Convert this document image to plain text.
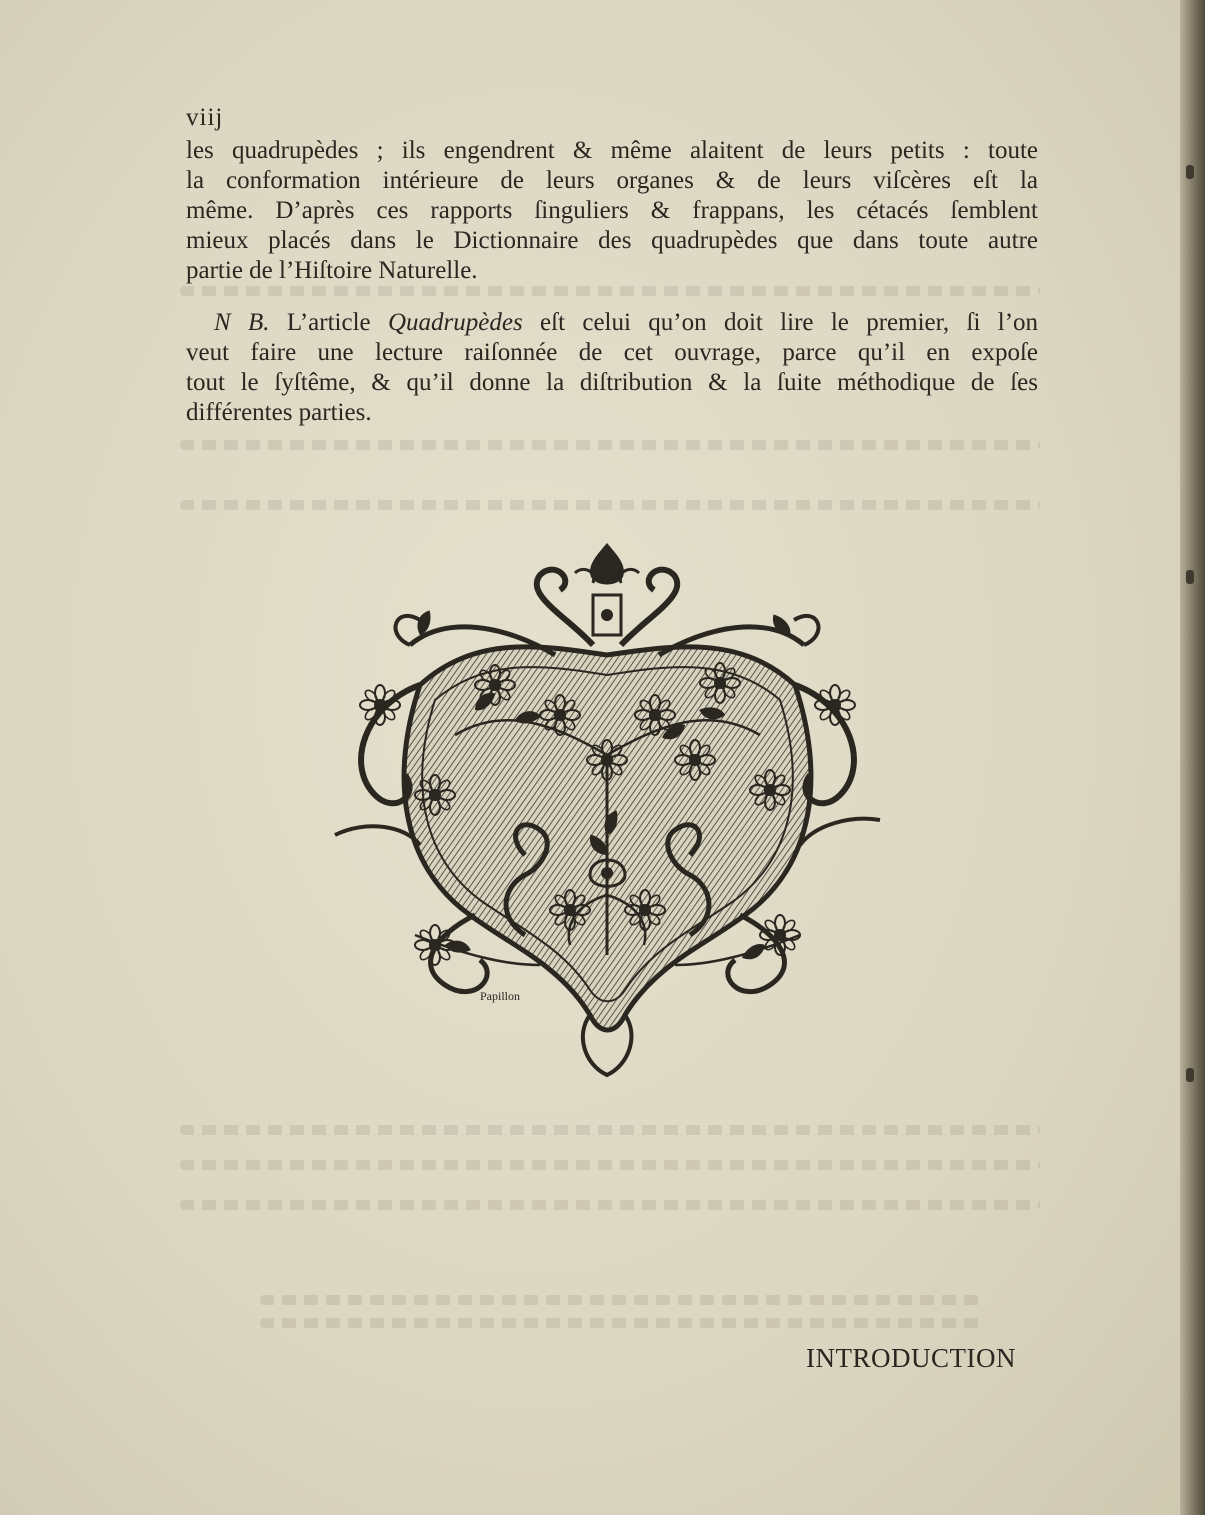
viij
les quadrupèdes ; ils engendrent & même alaitent de leurs petits : toute
la conformation intérieure de leurs organes & de leurs viſcères eſt la
même. D’après ces rapports ſinguliers & frappans, les cétacés ſemblent
mieux placés dans le Dictionnaire des quadrupèdes que dans toute autre
partie de l’Hiſtoire Naturelle.
N B. L’article Quadrupèdes eſt celui qu’on doit lire le premier, ſi l’on
veut faire une lecture raiſonnée de cet ouvrage, parce qu’il en expoſe
tout le ſyſtême, & qu’il donne la diſtribution & la ſuite méthodique de ſes
différentes parties.
Papillon
INTRODUCTION
